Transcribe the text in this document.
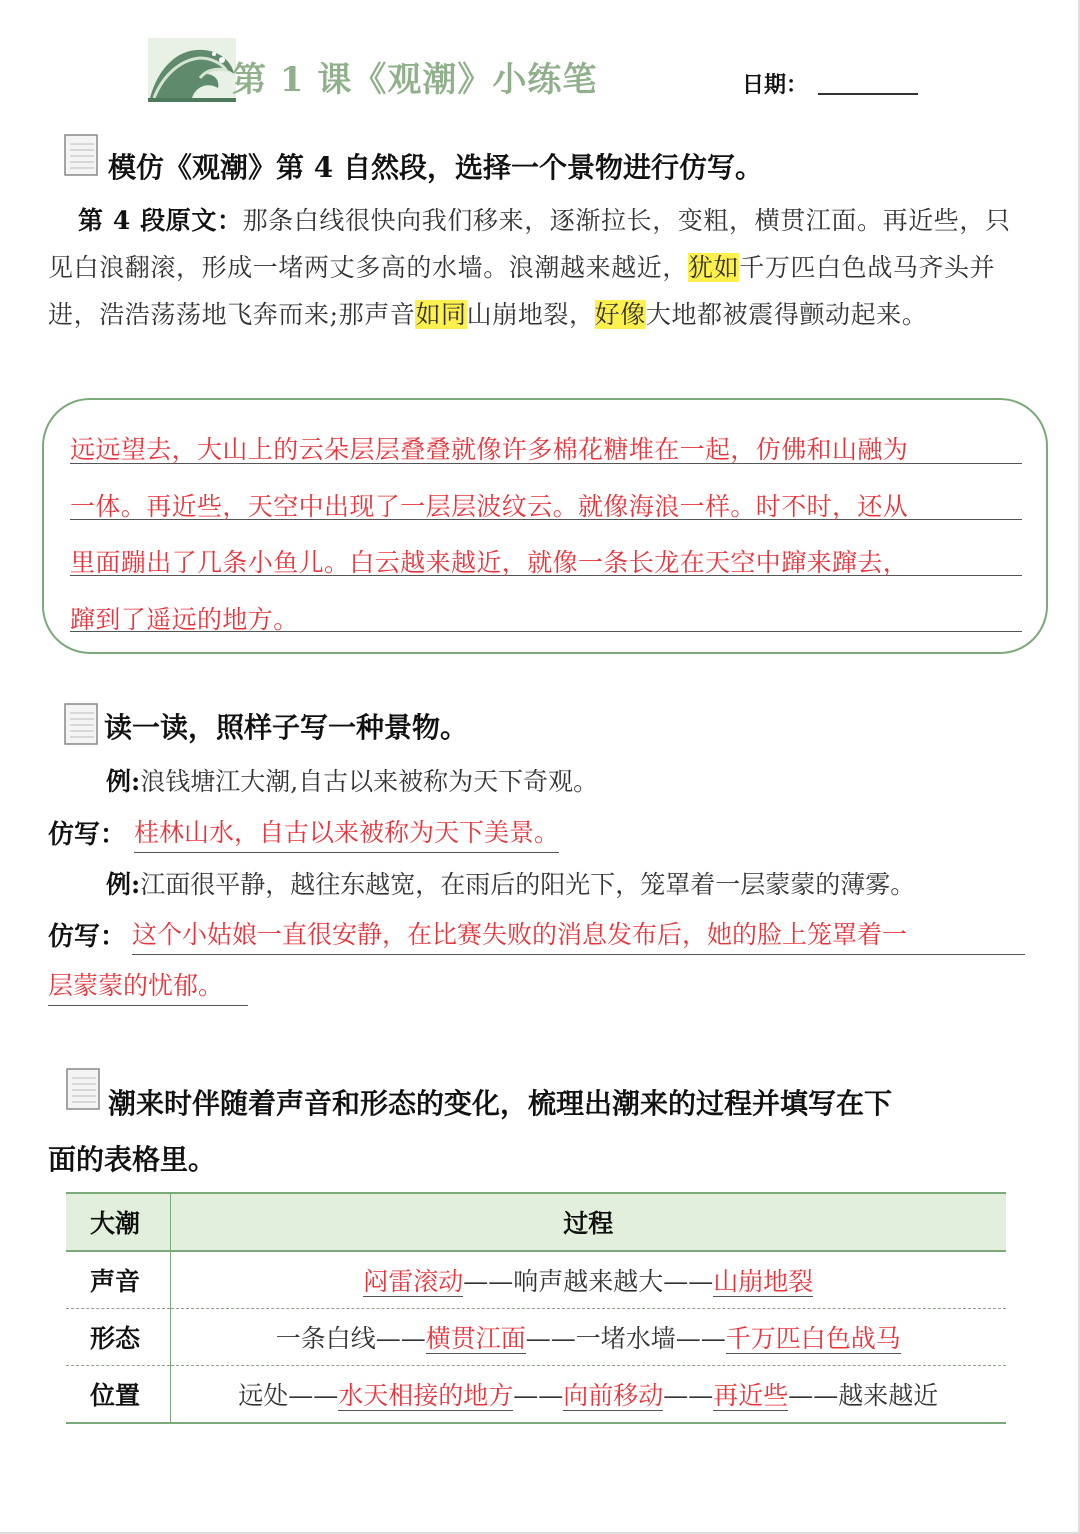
第 1 课《观潮》小练笔	日期：
模仿《观潮》第 4 自然段，选择一个景物进行仿写。
第 4 段原文：那条白线很快向我们移来，逐渐拉长，变粗，横贯江面。再近些，只见白浪翻滚，形成一堵两丈多高的水墙。浪潮越来越近，犹如千万匹白色战马齐头并进，浩浩荡荡地飞奔而来;那声音如同山崩地裂，好像大地都被震得颤动起来。
远远望去，大山上的云朵层层叠叠就像许多棉花糖堆在一起，仿佛和山融为
一体。再近些，天空中出现了一层层波纹云。就像海浪一样。时不时，还从
里面蹦出了几条小鱼儿。白云越来越近，就像一条长龙在天空中蹿来蹿去，
蹿到了遥远的地方。
读一读，照样子写一种景物。
例:浪钱塘江大潮,自古以来被称为天下奇观。
仿写： 桂林山水，自古以来被称为天下美景。
例:江面很平静，越往东越宽，在雨后的阳光下，笼罩着一层蒙蒙的薄雾。
仿写： 这个小姑娘一直很安静，在比赛失败的消息发布后，她的脸上笼罩着一
层蒙蒙的忧郁。
潮来时伴随着声音和形态的变化，梳理出潮来的过程并填写在下
面的表格里。
大潮	过程
声音	闷雷滚动——响声越来越大——山崩地裂
形态	一条白线——横贯江面——一堵水墙——千万匹白色战马
位置	远处——水天相接的地方——向前移动——再近些——越来越近
